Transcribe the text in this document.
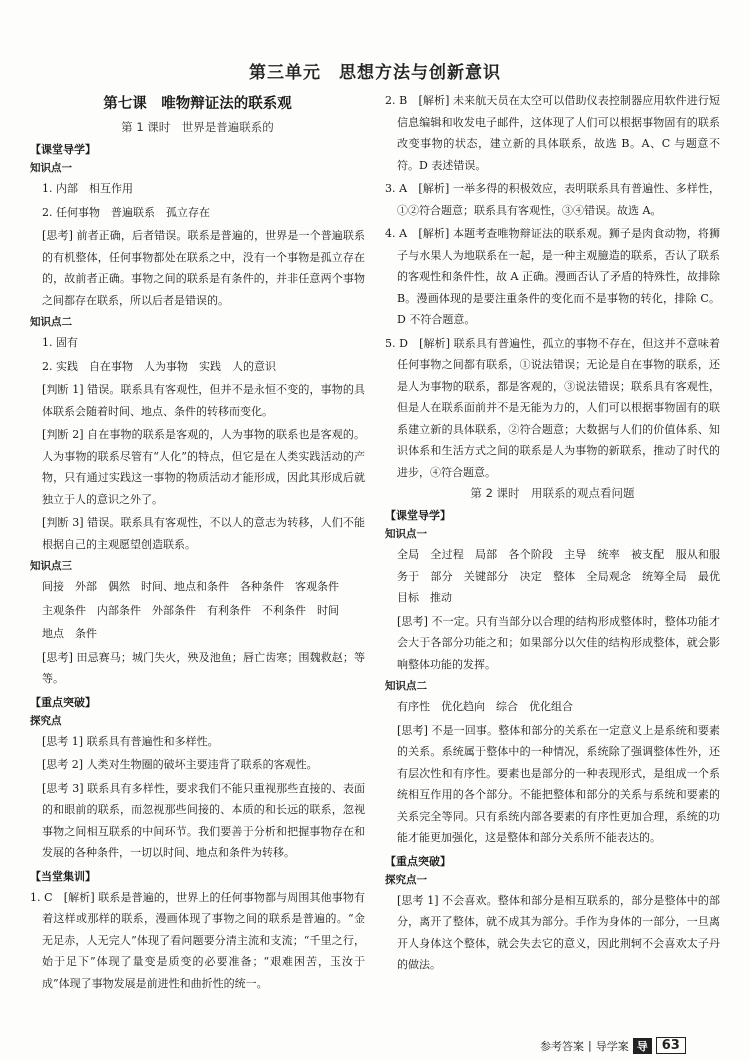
第三单元　思想方法与创新意识
第七课　唯物辩证法的联系观
第 1 课时　世界是普遍联系的
【课堂导学】
知识点一

1. 内部　相互作用

2. 任何事物　普遍联系　孤立存在

[思考] 前者正确，后者错误。联系是普遍的，世界是一个普遍联系的有机整体，任何事物都处在联系之中，没有一个事物是孤立存在的，故前者正确。事物之间的联系是有条件的，并非任意两个事物之间都存在联系，所以后者是错误的。

知识点二

1. 固有

2. 实践　自在事物　人为事物　实践　人的意识

[判断 1] 错误。联系具有客观性，但并不是永恒不变的，事物的具体联系会随着时间、地点、条件的转移而变化。

[判断 2] 自在事物的联系是客观的，人为事物的联系也是客观的。人为事物的联系尽管有“人化”的特点，但它是在人类实践活动的产物，只有通过实践这一事物的物质活动才能形成，因此其形成后就独立于人的意识之外了。

[判断 3] 错误。联系具有客观性，不以人的意志为转移，人们不能根据自己的主观愿望创造联系。

知识点三

间接　外部　偶然　时间、地点和条件　各种条件　客观条件

主观条件　内部条件　外部条件　有利条件　不利条件　时间

地点　条件

[思考] 田忌赛马；城门失火，殃及池鱼；唇亡齿寒；围魏救赵；等等。

【重点突破】
探究点

[思考 1] 联系具有普遍性和多样性。

[思考 2] 人类对生物圈的破坏主要违背了联系的客观性。

[思考 3] 联系具有多样性，要求我们不能只重视那些直接的、表面的和眼前的联系，而忽视那些间接的、本质的和长远的联系，忽视事物之间相互联系的中间环节。我们要善于分析和把握事物存在和发展的各种条件，一切以时间、地点和条件为转移。

【当堂集训】

1. C　[解析] 联系是普遍的，世界上的任何事物都与周围其他事物有着这样或那样的联系，漫画体现了事物之间的联系是普遍的。“金无足赤，人无完人”体现了看问题要分清主流和支流；“千里之行，始于足下”体现了量变是质变的必要准备；“艰难困苦，玉汝于成”体现了事物发展是前进性和曲折性的统一。

2. B　[解析] 未来航天员在太空可以借助仪表控制器应用软件进行短信息编辑和收发电子邮件，这体现了人们可以根据事物固有的联系改变事物的状态，建立新的具体联系，故选 B。A、C 与题意不符。D 表述错误。

3. A　[解析] 一举多得的积极效应，表明联系具有普遍性、多样性，①②符合题意；联系具有客观性，③④错误。故选 A。

4. A　[解析] 本题考查唯物辩证法的联系观。狮子是肉食动物，将狮子与水果人为地联系在一起，是一种主观臆造的联系，否认了联系的客观性和条件性，故 A 正确。漫画否认了矛盾的特殊性，故排除 B。漫画体现的是要注重条件的变化而不是事物的转化，排除 C。D 不符合题意。

5. D　[解析] 联系具有普遍性，孤立的事物不存在，但这并不意味着任何事物之间都有联系，①说法错误；无论是自在事物的联系，还是人为事物的联系，都是客观的，③说法错误；联系具有客观性，但是人在联系面前并不是无能为力的，人们可以根据事物固有的联系建立新的具体联系，②符合题意；大数据与人们的价值体系、知识体系和生活方式之间的联系是人为事物的新联系，推动了时代的进步，④符合题意。

第 2 课时　用联系的观点看问题
【课堂导学】
知识点一

全局　全过程　局部　各个阶段　主导　统率　被支配　服从和服务于　部分　关键部分　决定　整体　全局观念　统筹全局　最优目标　推动

[思考] 不一定。只有当部分以合理的结构形成整体时，整体功能才会大于各部分功能之和；如果部分以欠佳的结构形成整体，就会影响整体功能的发挥。

知识点二

有序性　优化趋向　综合　优化组合

[思考] 不是一回事。整体和部分的关系在一定意义上是系统和要素的关系。系统属于整体中的一种情况，系统除了强调整体性外，还有层次性和有序性。要素也是部分的一种表现形式，是组成一个系统相互作用的各个部分。不能把整体和部分的关系与系统和要素的关系完全等同。只有系统内部各要素的有序性更加合理，系统的功能才能更加强化，这是整体和部分关系所不能表达的。

【重点突破】
探究点一

[思考 1] 不会喜欢。整体和部分是相互联系的，部分是整体中的部分，离开了整体，就不成其为部分。手作为身体的一部分，一旦离开人身体这个整体，就会失去它的意义，因此荆轲不会喜欢太子丹的做法。

参考答案 | 导学案 导	63
